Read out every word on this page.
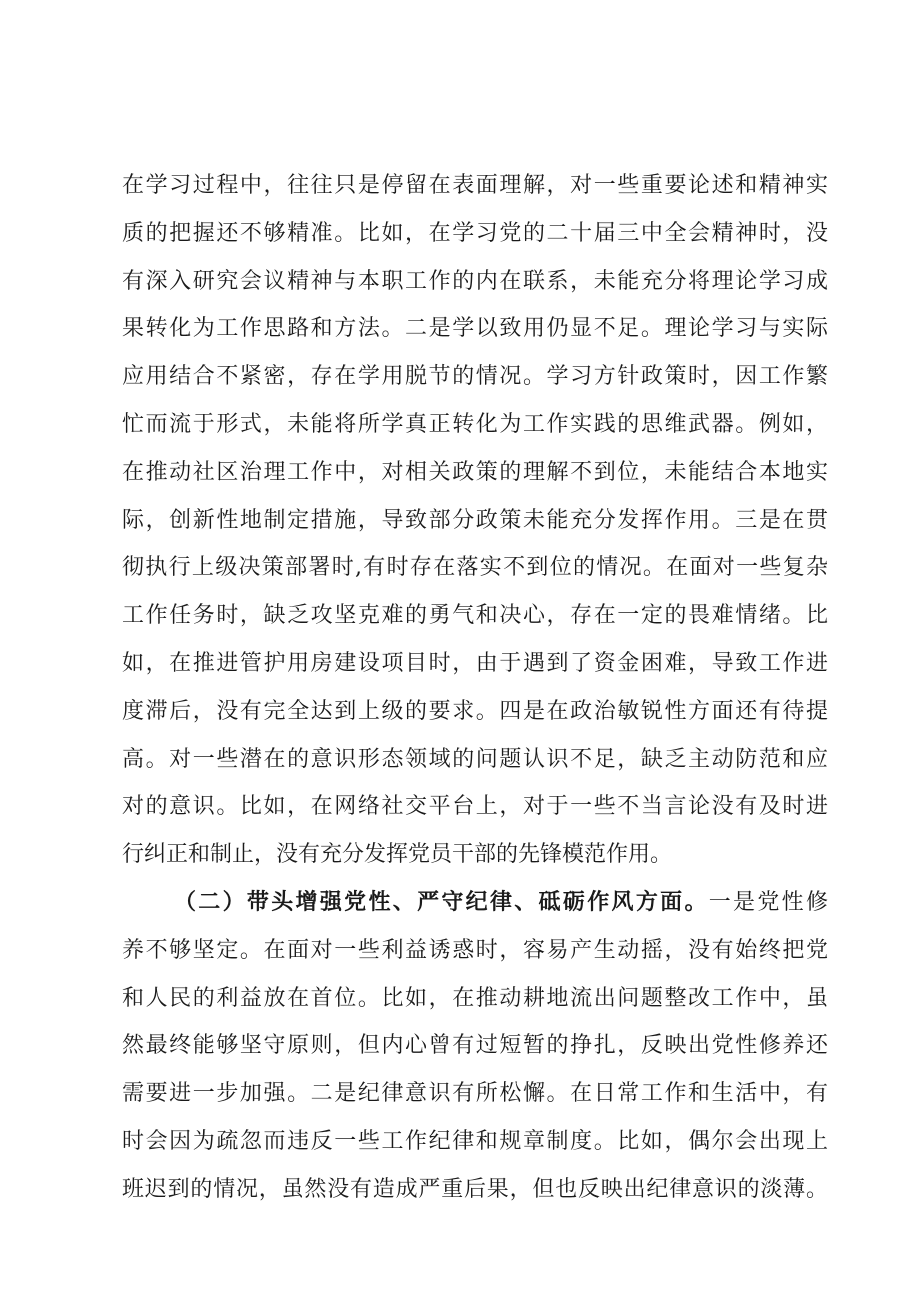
在学习过程中，往往只是停留在表面理解，对一些重要论述和精神实
质的把握还不够精准。比如，在学习党的二十届三中全会精神时，没
有深入研究会议精神与本职工作的内在联系，未能充分将理论学习成
果转化为工作思路和方法。二是学以致用仍显不足。理论学习与实际
应用结合不紧密，存在学用脱节的情况。学习方针政策时，因工作繁
忙而流于形式，未能将所学真正转化为工作实践的思维武器。例如，
在推动社区治理工作中，对相关政策的理解不到位，未能结合本地实
际，创新性地制定措施，导致部分政策未能充分发挥作用。三是在贯
彻执行上级决策部署时,有时存在落实不到位的情况。在面对一些复杂
工作任务时，缺乏攻坚克难的勇气和决心，存在一定的畏难情绪。比
如，在推进管护用房建设项目时，由于遇到了资金困难，导致工作进
度滞后，没有完全达到上级的要求。四是在政治敏锐性方面还有待提
高。对一些潜在的意识形态领域的问题认识不足，缺乏主动防范和应
对的意识。比如，在网络社交平台上，对于一些不当言论没有及时进
行纠正和制止，没有充分发挥党员干部的先锋模范作用。
（二）带头增强党性、严守纪律、砥砺作风方面。一是党性修
养不够坚定。在面对一些利益诱惑时，容易产生动摇，没有始终把党
和人民的利益放在首位。比如，在推动耕地流出问题整改工作中，虽
然最终能够坚守原则，但内心曾有过短暂的挣扎，反映出党性修养还
需要进一步加强。二是纪律意识有所松懈。在日常工作和生活中，有
时会因为疏忽而违反一些工作纪律和规章制度。比如，偶尔会出现上
班迟到的情况，虽然没有造成严重后果，但也反映出纪律意识的淡薄。
